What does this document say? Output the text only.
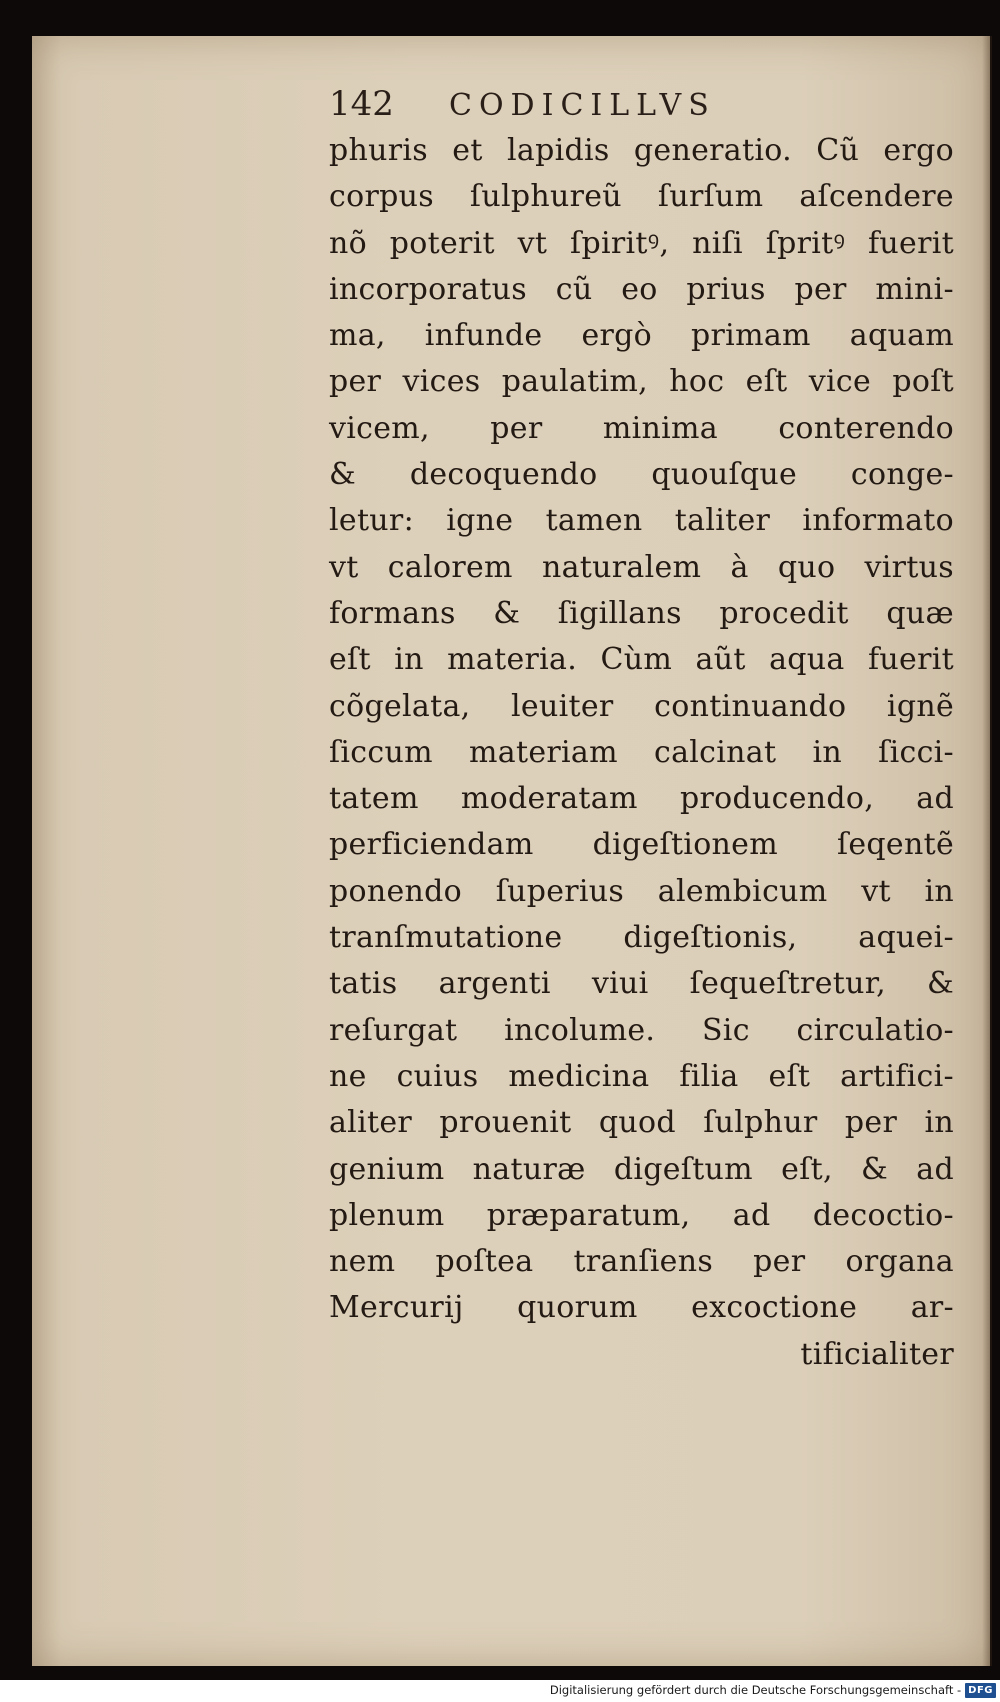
142 CODICILLVS
phuris et lapidis generatio. Cũ ergo
corpus ſulphureũ ſurſum aſcendere
nõ poterit vt ſpiritꝰ, niſi ſpritꝰ fuerit
incorporatus cũ eo prius per mini-
ma, infunde ergò primam aquam
per vices paulatim, hoc eſt vice poſt
vicem, per minima conterendo
& decoquendo quouſque conge-
letur: igne tamen taliter informato
vt calorem naturalem à quo virtus
formans & ſigillans procedit quæ
eſt in materia. Cùm aũt aqua fuerit
cõgelata, leuiter continuando ignẽ
ſiccum materiam calcinat in ſicci-
tatem moderatam producendo, ad
perficiendam digeſtionem ſeqentẽ
ponendo ſuperius alembicum vt in
tranſmutatione digeſtionis, aquei-
tatis argenti viui ſequeſtretur, &
reſurgat incolume. Sic circulatio-
ne cuius medicina filia eſt artifici-
aliter prouenit quod ſulphur per in
genium naturæ digeſtum eſt, & ad
plenum præparatum, ad decoctio-
nem poſtea tranſiens per organa
Mercurij quorum excoctione ar-
tificialiter
Digitalisierung gefördert durch die Deutsche Forschungsgemeinschaft - DFG
